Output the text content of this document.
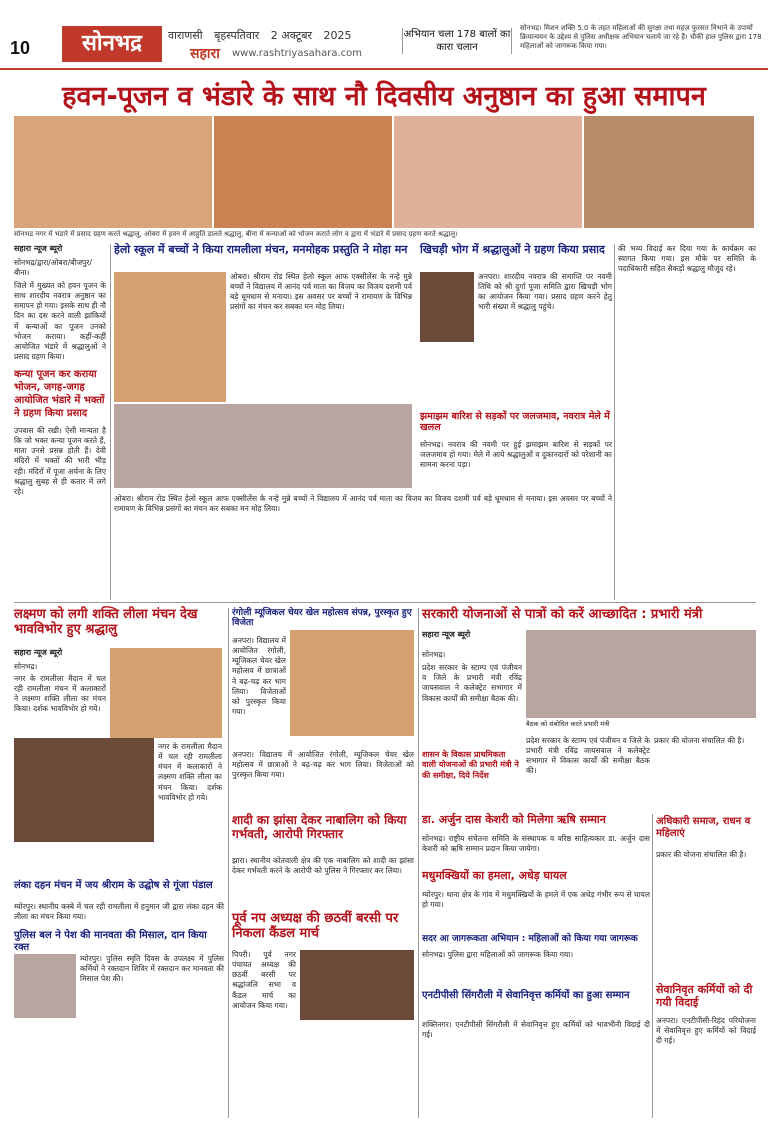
10	सोनभद्र	वाराणसी बृहस्पतिवार 2 अक्टूबर 2025
सहारा www.rashtriyasahara.com
अभियान चला 178 बालों का कारा चलान
सोनभद्र। मिशन शक्ति 5.0 के तहत महिलाओं की सुरक्षा तथा महज़ फुरसत निभाने के उपायों क्रियान्वयन के उद्देश्य से पुलिस अधीक्षक अभियान चलाये जा रहे हैं। चौकी हाल पुलिस द्वारा 178 महिलाओं को जागरूक किया गया।
हवन-पूजन व भंडारे के साथ नौ दिवसीय अनुष्ठान का हुआ समापन
सोनभद्र नगर में भंडारे में प्रसाद ग्रहण करते श्रद्धालु, ओबरा में हवन में आहुति डालते श्रद्धालु, बीना में कन्याओं को भोजन कराते लोग व द्वारा में भंडारे में प्रसाद ग्रहण करते श्रद्धालु।
सहारा न्यूज ब्यूरो

सोनभद्र/द्वारा/ओबरा/बीजपुर/बीना।

जिले में मुख्यत को हवन पूजन के साथ शारदीय नवरात्र अनुष्ठान का समापन हो गया। इसके साथ ही नौ दिन का दस करने वाली झांकियों में कन्याओं का पूजन उनको भोजन कराया। कहीं-कहीं आयोजित भंडारे में श्रद्धालुओं ने प्रसाद ग्रहण किया।

कन्या पूजन कर कराया भोजन, जगह-जगह आयोजित भंडारे में भक्तों ने ग्रहण किया प्रसाद

उपवास की रखी। ऐसी मान्यता है कि जो भक्त कन्या पूजन करते हैं, माता उनसे प्रसन्न होती हैं। देवी मंदिरों में भक्तों की भारी भीड़ रही। मंदिरों में पूजा अर्चना के लिए श्रद्धालु सुबह से ही कतार में लगे रहे।

हेलो स्कूल में बच्चों ने किया रामलीला मंचन, मनमोहक प्रस्तुति ने मोहा मन

ओबरा। श्रीराम रोड स्थित हेलो स्कूल आफ एक्सीलेंस के नन्हे मुन्ने बच्चों ने विद्यालय में आनंद पर्व माता का विजय का विजय दशमी पर्व बड़े धूमधाम से मनाया। इस अवसर पर बच्चों ने रामायण के विभिन्न प्रसंगों का मंचन कर सबका मन मोह लिया।

खिचड़ी भोग में श्रद्धालुओं ने ग्रहण किया प्रसाद

अनपरा। शारदीय नवरात्र की समाप्ति पर नवमी तिथि को श्री दुर्गा पूजा समिति द्वारा खिचड़ी भोग का आयोजन किया गया। प्रसाद ग्रहण करने हेतु भारी संख्या में श्रद्धालु पहुंचे।

झमाझम बारिश से सड़कों पर जलजमाव, नवरात्र मेले में खलल

सोनभद्र। नवरात्र की नवमी पर हुई झमाझम बारिश से सड़कों पर जलजमाव हो गया। मेले में आये श्रद्धालुओं व दुकानदारों को परेशानी का सामना करना पड़ा।

की भव्य विदाई कर दिया गया के कार्यक्रम का स्वागत किया गया। इस मौके पर समिति के पदाधिकारी सहित सैकड़ों श्रद्धालु मौजूद रहे।

ओबरा। श्रीराम रोड स्थित हेलो स्कूल आफ एक्सीलेंस के नन्हे मुन्ने बच्चों ने विद्यालय में आनंद पर्व माता का विजय का विजय दशमी पर्व बड़े धूमधाम से मनाया। इस अवसर पर बच्चों ने रामायण के विभिन्न प्रसंगों का मंचन कर सबका मन मोह लिया।

लक्ष्मण को लगी शक्ति लीला मंचन देख भावविभोर हुए श्रद्धालु
सहारा न्यूज ब्यूरो

सोनभद्र।

नगर के रामलीला मैदान में चल रही रामलीला मंचन में कलाकारों ने लक्ष्मण शक्ति लीला का मंचन किया। दर्शक भावविभोर हो गये।

नगर के रामलीला मैदान में चल रही रामलीला मंचन में कलाकारों ने लक्ष्मण शक्ति लीला का मंचन किया। दर्शक भावविभोर हो गये।

लंका दहन मंचन में जय श्रीराम के उद्घोष से गूंजा पंडाल

म्योरपुर। स्थानीय कस्बे में चल रही रामलीला में हनुमान जी द्वारा लंका दहन की लीला का मंचन किया गया।

पुलिस बल ने पेश की मानवता की मिसाल, दान किया रक्त

म्योरपुर। पुलिस स्मृति दिवस के उपलक्ष्य में पुलिस कर्मियों ने रक्तदान शिविर में रक्तदान कर मानवता की मिसाल पेश की।

रंगोली म्यूजिकल चेयर खेल महोत्सव संपन्न, पुरस्कृत हुए विजेता

अनपरा। विद्यालय में आयोजित रंगोली, म्यूजिकल चेयर खेल महोत्सव में छात्राओं ने बढ़-चढ़ कर भाग लिया। विजेताओं को पुरस्कृत किया गया।

अनपरा। विद्यालय में आयोजित रंगोली, म्यूजिकल चेयर खेल महोत्सव में छात्राओं ने बढ़-चढ़ कर भाग लिया। विजेताओं को पुरस्कृत किया गया।

शादी का झांसा देकर नाबालिग को किया गर्भवती, आरोपी गिरफ्तार

झारा। स्थानीय कोतवाली क्षेत्र की एक नाबालिग को शादी का झांसा देकर गर्भवती करने के आरोपी को पुलिस ने गिरफ्तार कर लिया।

पूर्व नप अध्यक्ष की छठवीं बरसी पर निकला कैंडल मार्च

पिपरी। पूर्व नगर पंचायत अध्यक्ष की छठवीं बरसी पर श्रद्धांजलि सभा व कैंडल मार्च का आयोजन किया गया।

सरकारी योजनाओं से पात्रों को करें आच्छादित : प्रभारी मंत्री
सहारा न्यूज ब्यूरो

सोनभद्र।

प्रदेश सरकार के स्टाम्प एवं पंजीयन व जिले के प्रभारी मंत्री रविंद्र जायसवाल ने कलेक्ट्रेट सभागार में विकास कार्यों की समीक्षा बैठक की।

शासन के विकास प्राथमिकता वाली योजनाओं की प्रभारी मंत्री ने की समीक्षा, दिये निर्देश

बैठक को संबोधित करते प्रभारी मंत्री

प्रदेश सरकार के स्टाम्प एवं पंजीयन व जिले के प्रभारी मंत्री रविंद्र जायसवाल ने कलेक्ट्रेट सभागार में विकास कार्यों की समीक्षा बैठक की।

प्रकार की योजना संचालित की है।

डा. अर्जुन दास केशरी को मिलेगा ऋषि सम्मान

सोनभद्र। राष्ट्रीय संचेतना समिति के संस्थापक व वरिष्ठ साहित्यकार डा. अर्जुन दास केशरी को ऋषि सम्मान प्रदान किया जायेगा।

मधुमक्खियों का हमला, अधेड़ घायल

म्योरपुर। थाना क्षेत्र के गांव में मधुमक्खियों के हमले में एक अधेड़ गंभीर रूप से घायल हो गया।

सदर आ जागरूकता अभियान : महिलाओं को किया गया जागरूक

सोनभद्र। पुलिस द्वारा महिलाओं को जागरूक किया गया।

एनटीपीसी सिंगरौली में सेवानिवृत्त कर्मियों का हुआ सम्मान

शक्तिनगर। एनटीपीसी सिंगरौली में सेवानिवृत्त हुए कर्मियों को भावभीनी विदाई दी गई।

अधिकारी समाज, राधन व महिलाएं

प्रकार की योजना संचालित की है।

सेवानिवृत कर्मियों को दी गयी विदाई

अनपरा। एनटीपीसी-रिहंद परियोजना में सेवानिवृत्त हुए कर्मियों को विदाई दी गई।
